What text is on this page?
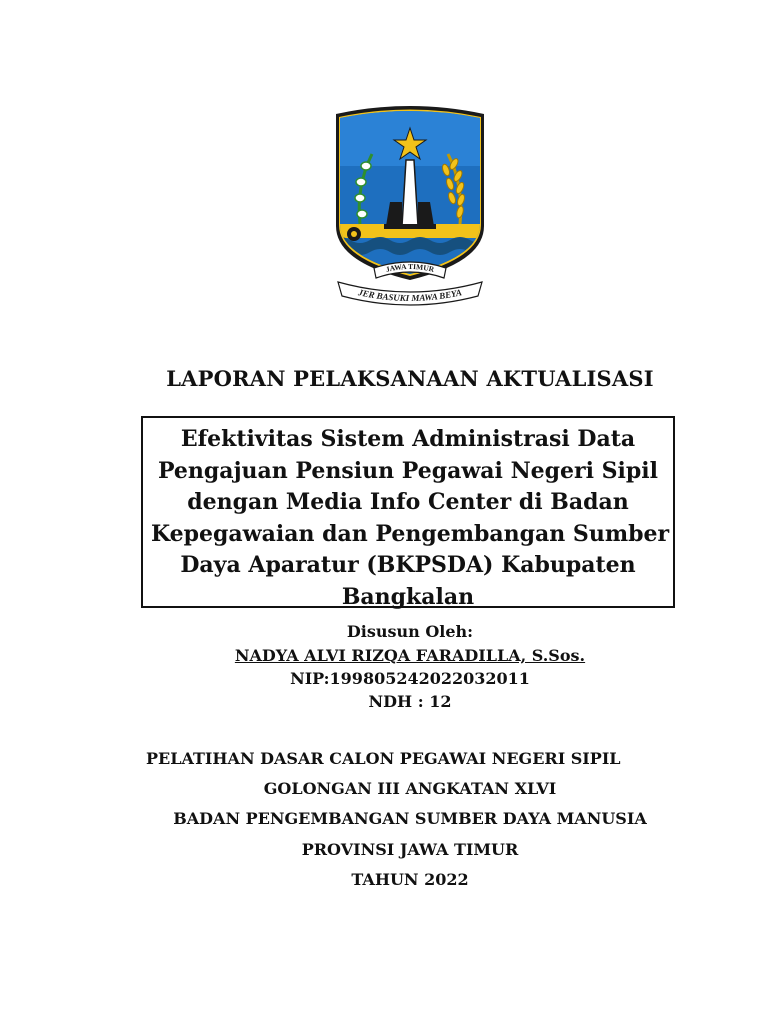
JAWA TIMUR
JER BASUKI MAWA BEYA
LAPORAN PELAKSANAAN AKTUALISASI
Efektivitas Sistem Administrasi Data
Pengajuan Pensiun Pegawai Negeri Sipil
dengan Media Info Center di Badan
Kepegawaian dan Pengembangan Sumber
Daya Aparatur (BKPSDA) Kabupaten
Bangkalan
Disusun Oleh:
NADYA ALVI RIZQA FARADILLA, S.Sos.
NIP:199805242022032011
NDH : 12
PELATIHAN DASAR CALON PEGAWAI NEGERI SIPIL
GOLONGAN III ANGKATAN XLVI
BADAN PENGEMBANGAN SUMBER DAYA MANUSIA
PROVINSI JAWA TIMUR
TAHUN 2022
